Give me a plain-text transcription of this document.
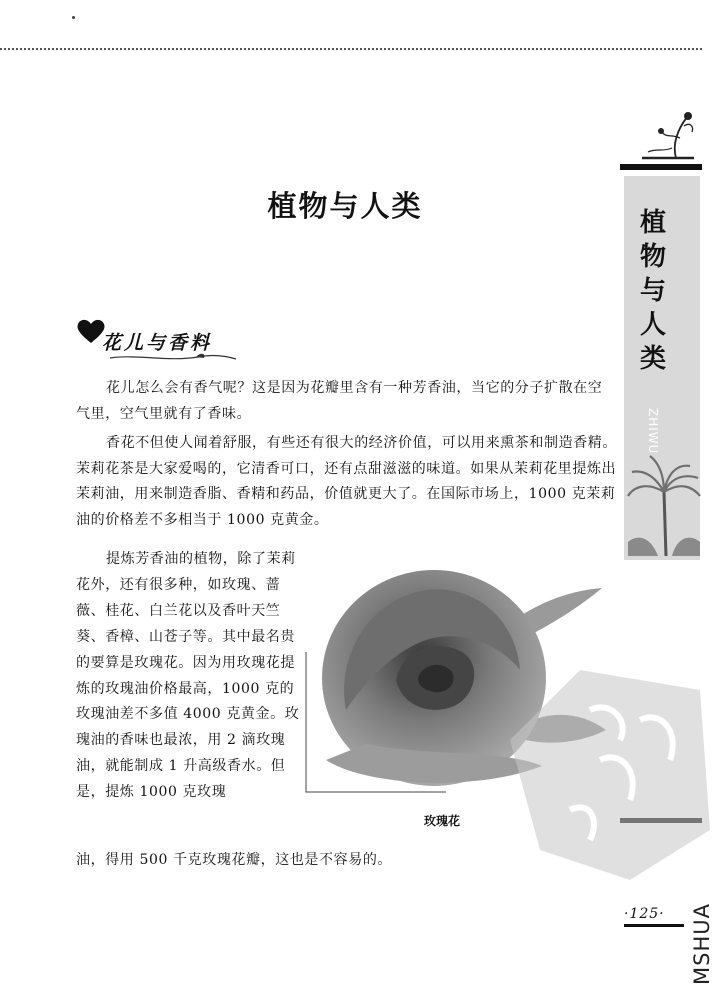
植物与人类
植物与人类
花儿与香料
花儿怎么会有香气呢？这是因为花瓣里含有一种芳香油，当它的分子扩散在空气里，空气里就有了香味。
香花不但使人闻着舒服，有些还有很大的经济价值，可以用来熏茶和制造香精。茉莉花茶是大家爱喝的，它清香可口，还有点甜滋滋的味道。如果从茉莉花里提炼出茉莉油，用来制造香脂、香精和药品，价值就更大了。在国际市场上，1000 克茉莉油的价格差不多相当于 1000 克黄金。
提炼芳香油的植物，除了茉莉花外，还有很多种，如玫瑰、蔷薇、桂花、白兰花以及香叶天竺葵、香樟、山苍子等。其中最名贵的要算是玫瑰花。因为用玫瑰花提炼的玫瑰油价格最高，1000 克的玫瑰油差不多值 4000 克黄金。玫瑰油的香味也最浓，用 2 滴玫瑰油，就能制成 1 升高级香水。但是，提炼 1000 克玫瑰
油，得用 500 千克玫瑰花瓣，这也是不容易的。
玫瑰花
·125· MSHUA
